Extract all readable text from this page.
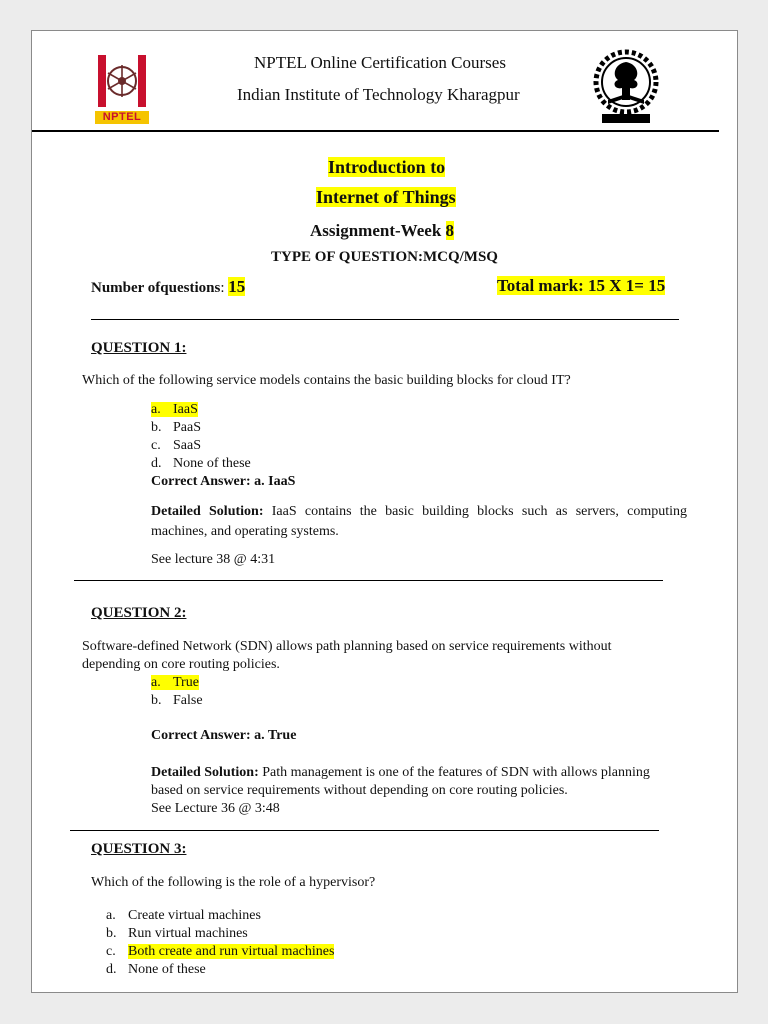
NPTEL
NPTEL Online Certification Courses
Indian Institute of Technology Kharagpur
Introduction to
Internet of Things
Assignment-Week 8
TYPE OF QUESTION:MCQ/MSQ
Number ofquestions: 15	Total mark: 15 X 1= 15
QUESTION 1:
Which of the following service models contains the basic building blocks for cloud IT?
a. IaaS
b. PaaS
c. SaaS
d. None of these
Correct Answer: a. IaaS
Detailed Solution: IaaS contains the basic building blocks such as servers, computing machines, and operating systems.
See lecture 38 @ 4:31
QUESTION 2:
Software-defined Network (SDN) allows path planning based on service requirements without
depending on core routing policies.
a. True
b. False
Correct Answer: a. True
Detailed Solution: Path management is one of the features of SDN with allows planning based on service requirements without depending on core routing policies.
See Lecture 36 @ 3:48
QUESTION 3:
Which of the following is the role of a hypervisor?
a. Create virtual machines
b. Run virtual machines
c. Both create and run virtual machines
d. None of these
